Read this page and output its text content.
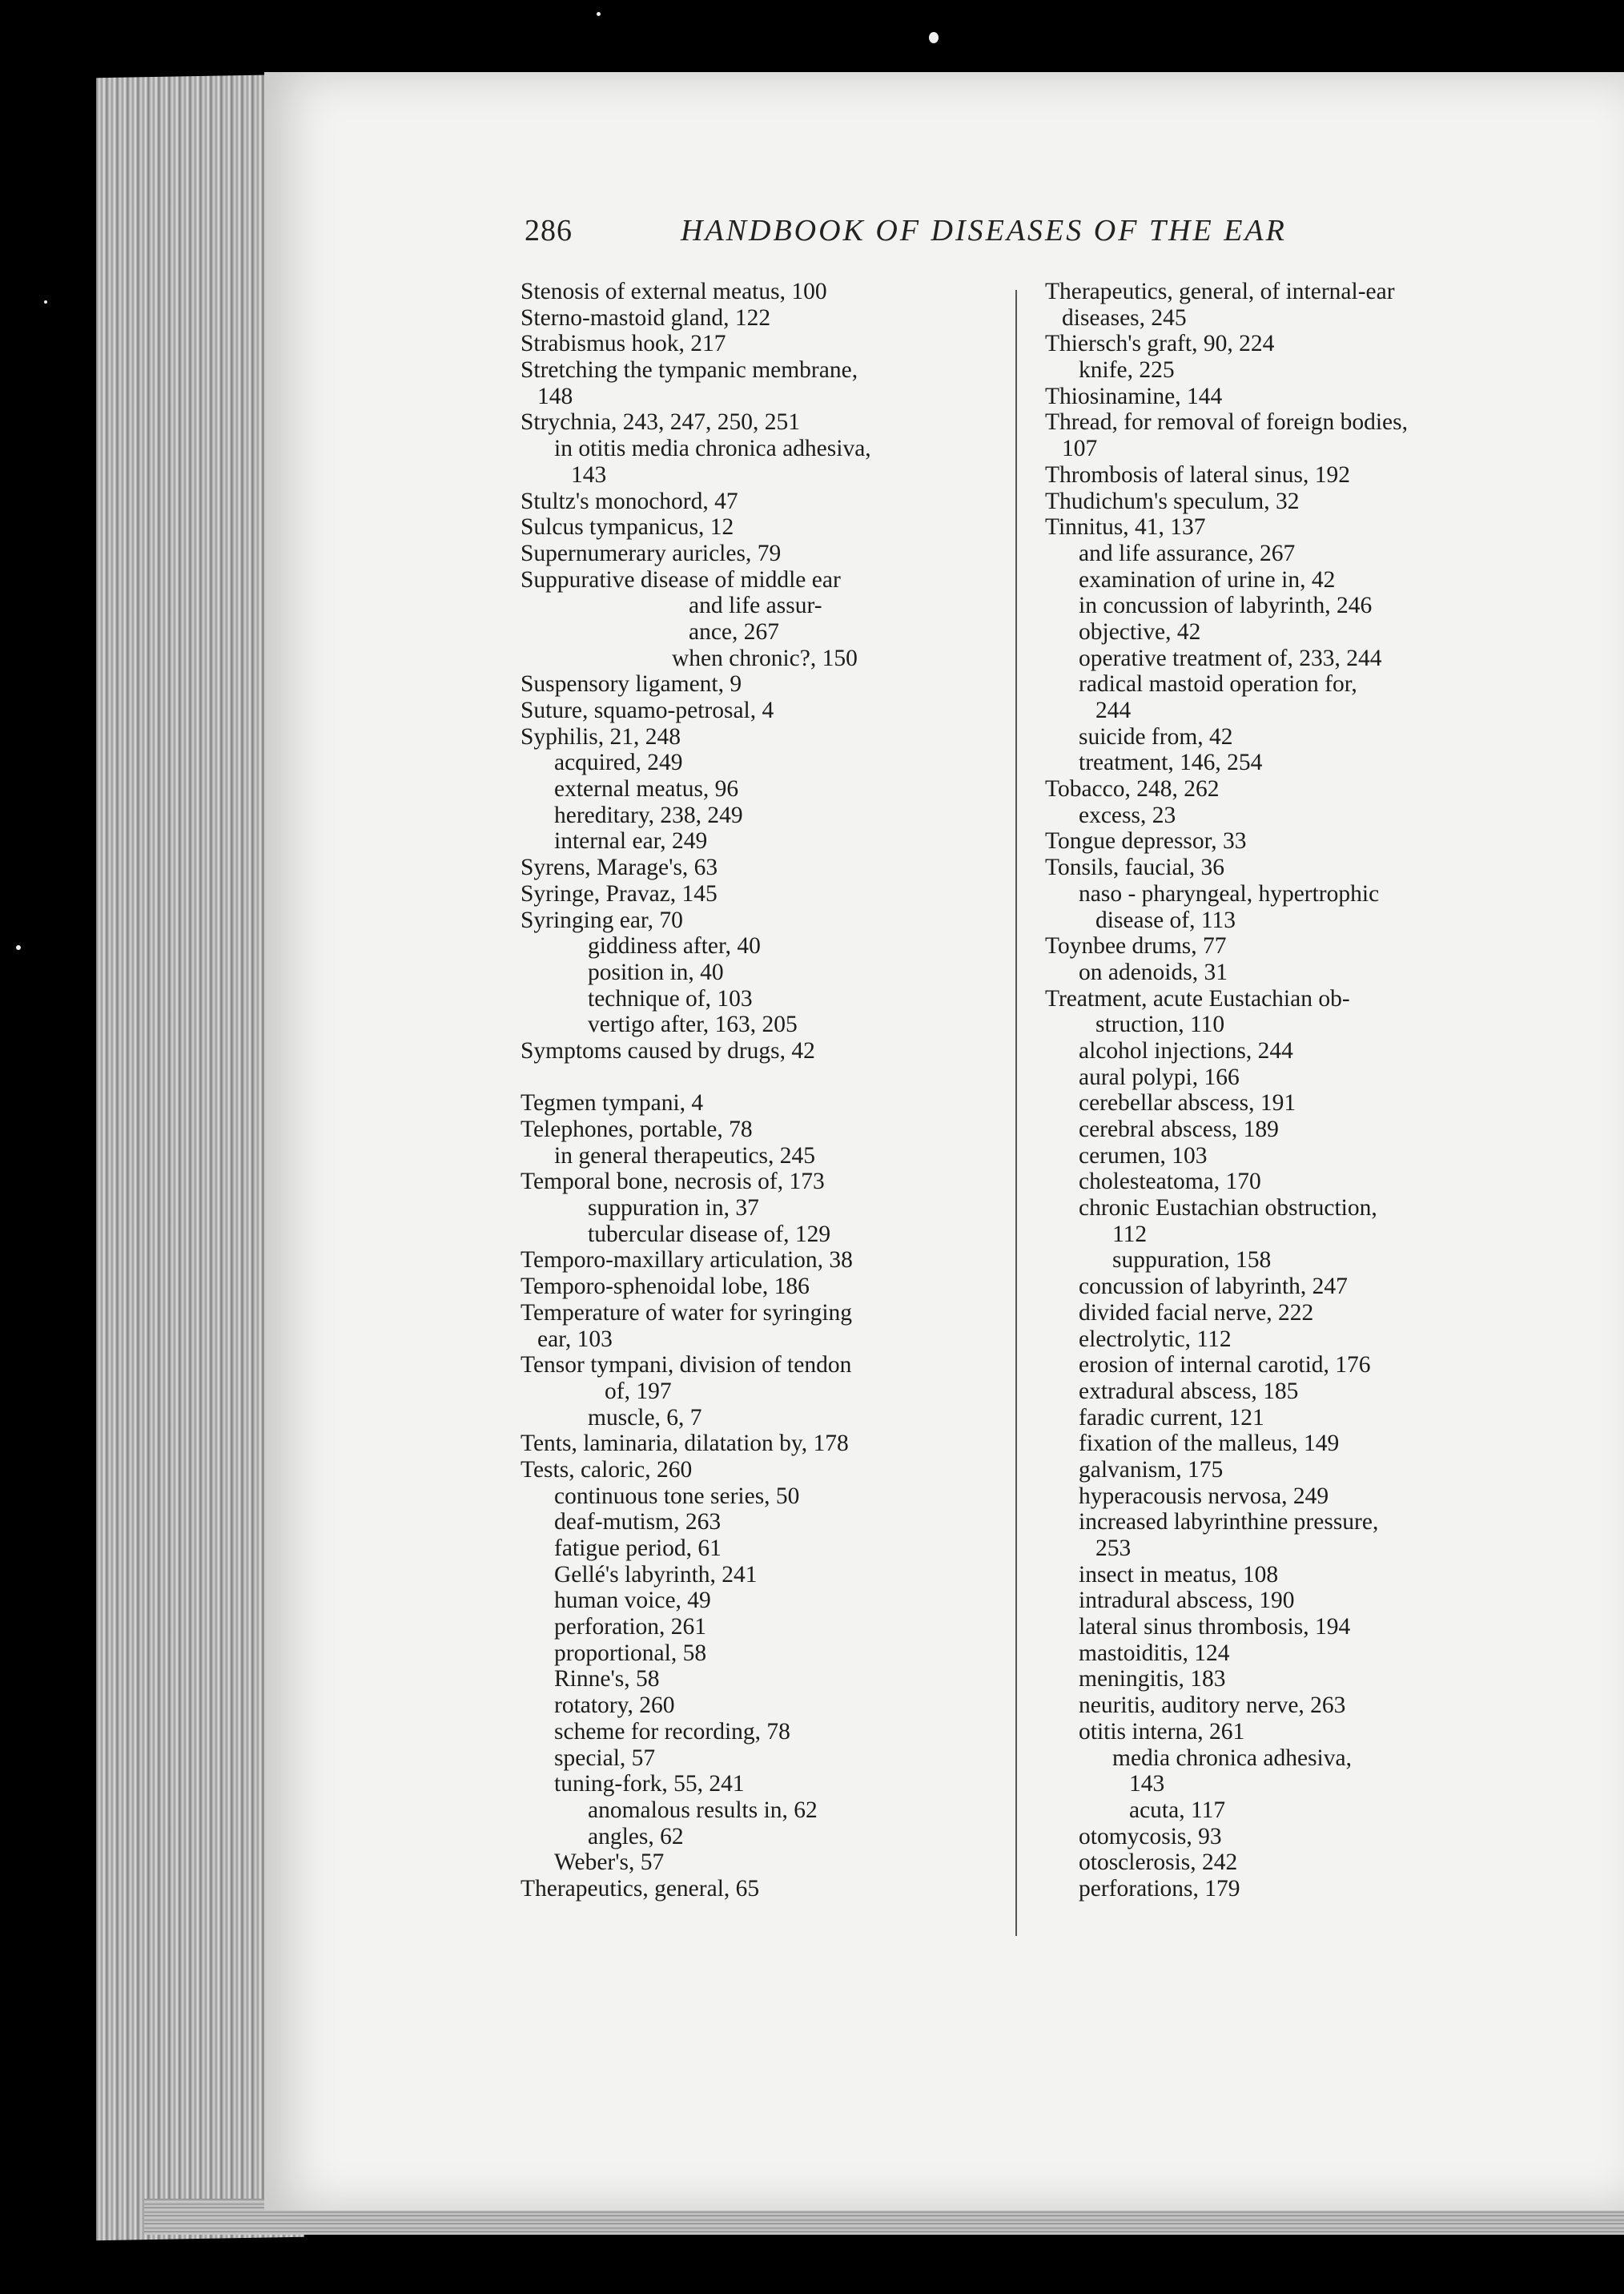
286	HANDBOOK OF DISEASES OF THE EAR
Stenosis of external meatus, 100
Sterno-mastoid gland, 122
Strabismus hook, 217
Stretching the tympanic membrane,
148
Strychnia, 243, 247, 250, 251
in otitis media chronica adhesiva,
143
Stultz's monochord, 47
Sulcus tympanicus, 12
Supernumerary auricles, 79
Suppurative disease of middle ear
and life assur-
ance, 267
when chronic?, 150
Suspensory ligament, 9
Suture, squamo-petrosal, 4
Syphilis, 21, 248
acquired, 249
external meatus, 96
hereditary, 238, 249
internal ear, 249
Syrens, Marage's, 63
Syringe, Pravaz, 145
Syringing ear, 70
giddiness after, 40
position in, 40
technique of, 103
vertigo after, 163, 205
Symptoms caused by drugs, 42
Tegmen tympani, 4
Telephones, portable, 78
in general therapeutics, 245
Temporal bone, necrosis of, 173
suppuration in, 37
tubercular disease of, 129
Temporo-maxillary articulation, 38
Temporo-sphenoidal lobe, 186
Temperature of water for syringing
ear, 103
Tensor tympani, division of tendon
of, 197
muscle, 6, 7
Tents, laminaria, dilatation by, 178
Tests, caloric, 260
continuous tone series, 50
deaf-mutism, 263
fatigue period, 61
Gellé's labyrinth, 241
human voice, 49
perforation, 261
proportional, 58
Rinne's, 58
rotatory, 260
scheme for recording, 78
special, 57
tuning-fork, 55, 241
anomalous results in, 62
angles, 62
Weber's, 57
Therapeutics, general, 65
Therapeutics, general, of internal-ear
diseases, 245
Thiersch's graft, 90, 224
knife, 225
Thiosinamine, 144
Thread, for removal of foreign bodies,
107
Thrombosis of lateral sinus, 192
Thudichum's speculum, 32
Tinnitus, 41, 137
and life assurance, 267
examination of urine in, 42
in concussion of labyrinth, 246
objective, 42
operative treatment of, 233, 244
radical mastoid operation for,
244
suicide from, 42
treatment, 146, 254
Tobacco, 248, 262
excess, 23
Tongue depressor, 33
Tonsils, faucial, 36
naso - pharyngeal, hypertrophic
disease of, 113
Toynbee drums, 77
on adenoids, 31
Treatment, acute Eustachian ob-
struction, 110
alcohol injections, 244
aural polypi, 166
cerebellar abscess, 191
cerebral abscess, 189
cerumen, 103
cholesteatoma, 170
chronic Eustachian obstruction,
112
suppuration, 158
concussion of labyrinth, 247
divided facial nerve, 222
electrolytic, 112
erosion of internal carotid, 176
extradural abscess, 185
faradic current, 121
fixation of the malleus, 149
galvanism, 175
hyperacousis nervosa, 249
increased labyrinthine pressure,
253
insect in meatus, 108
intradural abscess, 190
lateral sinus thrombosis, 194
mastoiditis, 124
meningitis, 183
neuritis, auditory nerve, 263
otitis interna, 261
media chronica adhesiva,
143
acuta, 117
otomycosis, 93
otosclerosis, 242
perforations, 179
